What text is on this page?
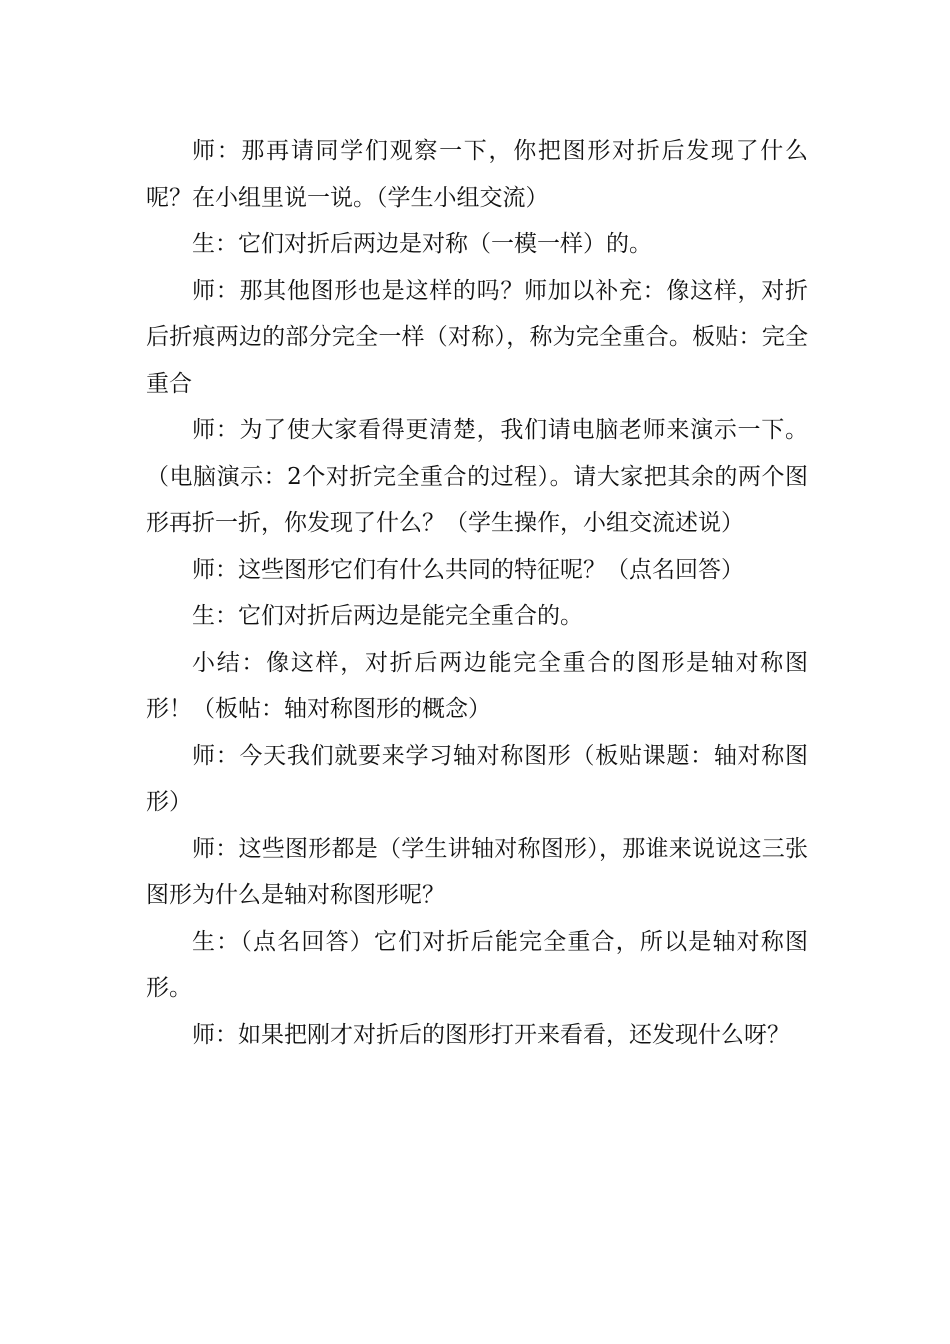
师：那再请同学们观察一下，你把图形对折后发现了什么呢？在小组里说一说。（学生小组交流）

生：它们对折后两边是对称（一模一样）的。

师：那其他图形也是这样的吗？师加以补充：像这样，对折后折痕两边的部分完全一样（对称），称为完全重合。板贴：完全重合

师：为了使大家看得更清楚，我们请电脑老师来演示一下。（电脑演示：2个对折完全重合的过程）。请大家把其余的两个图形再折一折，你发现了什么？（学生操作，小组交流述说）

师：这些图形它们有什么共同的特征呢？（点名回答）

生：它们对折后两边是能完全重合的。

小结：像这样，对折后两边能完全重合的图形是轴对称图形！（板帖：轴对称图形的概念）

师：今天我们就要来学习轴对称图形（板贴课题：轴对称图形）

师：这些图形都是（学生讲轴对称图形），那谁来说说这三张图形为什么是轴对称图形呢？

生：（点名回答）它们对折后能完全重合，所以是轴对称图形。

师：如果把刚才对折后的图形打开来看看，还发现什么呀？
